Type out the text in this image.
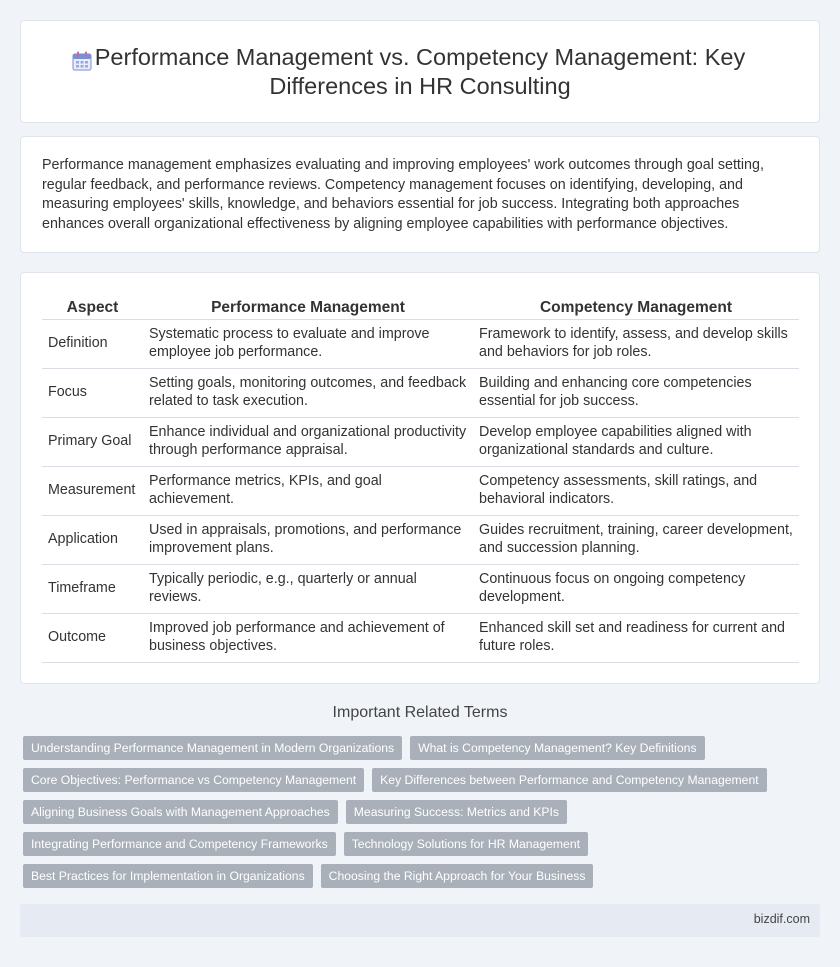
Performance Management vs. Competency Management: Key Differences in HR Consulting

Performance management emphasizes evaluating and improving employees' work outcomes through goal setting, regular feedback, and performance reviews. Competency management focuses on identifying, developing, and measuring employees' skills, knowledge, and behaviors essential for job success. Integrating both approaches enhances overall organizational effectiveness by aligning employee capabilities with performance objectives.

Aspect	Performance Management	Competency Management
Definition	Systematic process to evaluate and improve employee job performance.	Framework to identify, assess, and develop skills and behaviors for job roles.
Focus	Setting goals, monitoring outcomes, and feedback related to task execution.	Building and enhancing core competencies essential for job success.
Primary Goal	Enhance individual and organizational productivity through performance appraisal.	Develop employee capabilities aligned with organizational standards and culture.
Measurement	Performance metrics, KPIs, and goal achievement.	Competency assessments, skill ratings, and behavioral indicators.
Application	Used in appraisals, promotions, and performance improvement plans.	Guides recruitment, training, career development, and succession planning.
Timeframe	Typically periodic, e.g., quarterly or annual reviews.	Continuous focus on ongoing competency development.
Outcome	Improved job performance and achievement of business objectives.	Enhanced skill set and readiness for current and future roles.
Important Related Terms
Understanding Performance Management in Modern Organizations	What is Competency Management? Key Definitions
Core Objectives: Performance vs Competency Management	Key Differences between Performance and Competency Management
Aligning Business Goals with Management Approaches	Measuring Success: Metrics and KPIs
Integrating Performance and Competency Frameworks	Technology Solutions for HR Management
Best Practices for Implementation in Organizations	Choosing the Right Approach for Your Business
bizdif.com
